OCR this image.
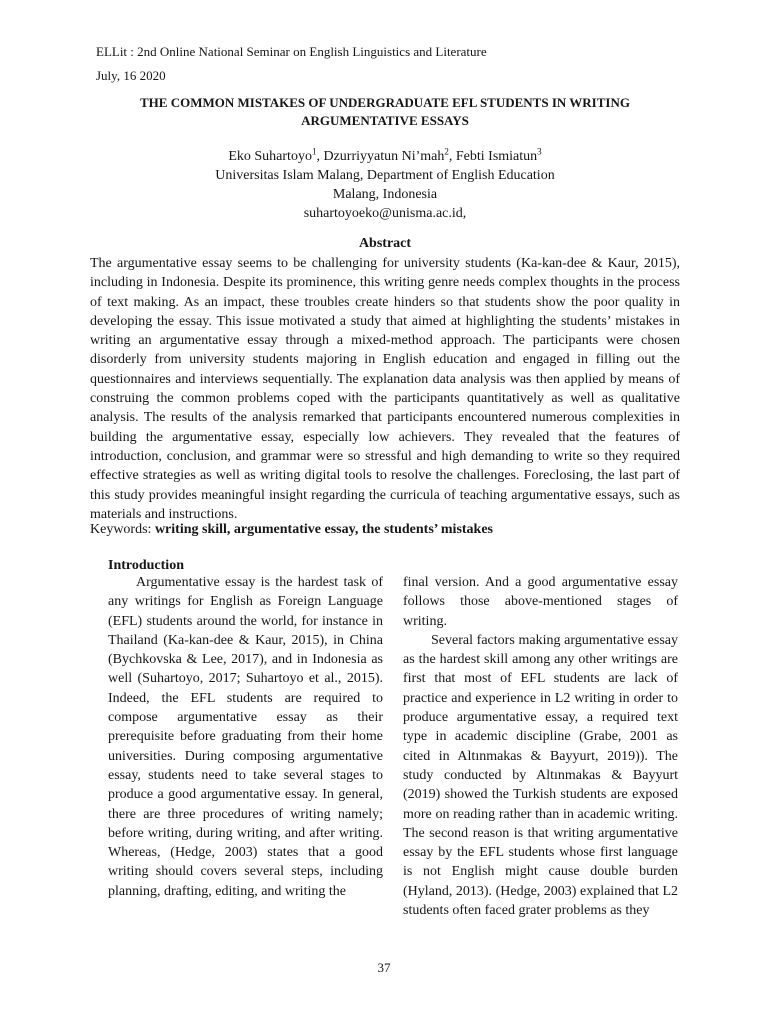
ELLit : 2nd Online National Seminar on English Linguistics and Literature
July, 16 2020
THE COMMON MISTAKES OF UNDERGRADUATE EFL STUDENTS IN WRITING
ARGUMENTATIVE ESSAYS
Eko Suhartoyo$^1$, Dzurriyyatun Ni’mah$^2$, Febti Ismiatun$^3$
Universitas Islam Malang, Department of English Education
Malang, Indonesia
suhartoyoeko@unisma.ac.id,
Abstract

The argumentative essay seems to be challenging for university students (Ka-kan-dee & Kaur, 2015), including in Indonesia. Despite its prominence, this writing genre needs complex thoughts in the process of text making. As an impact, these troubles create hinders so that students show the poor quality in developing the essay. This issue motivated a study that aimed at highlighting the students’ mistakes in writing an argumentative essay through a mixed-method approach. The participants were chosen disorderly from university students majoring in English education and engaged in filling out the questionnaires and interviews sequentially. The explanation data analysis was then applied by means of construing the common problems coped with the participants quantitatively as well as qualitative analysis. The results of the analysis remarked that participants encountered numerous complexities in building the argumentative essay, especially low achievers. They revealed that the features of introduction, conclusion, and grammar were so stressful and high demanding to write so they required effective strategies as well as writing digital tools to resolve the challenges. Foreclosing, the last part of this study provides meaningful insight regarding the curricula of teaching argumentative essays, such as materials and instructions.

Keywords: writing skill, argumentative essay, the students’ mistakes
Introduction

Argumentative essay is the hardest task of any writings for English as Foreign Language (EFL) students around the world, for instance in Thailand (Ka-kan-dee & Kaur, 2015), in China (Bychkovska & Lee, 2017), and in Indonesia as well (Suhartoyo, 2017; Suhartoyo et al., 2015). Indeed, the EFL students are required to compose argumentative essay as their prerequisite before graduating from their home universities. During composing argumentative essay, students need to take several stages to produce a good argumentative essay. In general, there are three procedures of writing namely; before writing, during writing, and after writing. Whereas, (Hedge, 2003) states that a good writing should covers several steps, including planning, drafting, editing, and writing the

final version. And a good argumentative essay follows those above-mentioned stages of writing.

Several factors making argumentative essay as the hardest skill among any other writings are first that most of EFL students are lack of practice and experience in L2 writing in order to produce argumentative essay, a required text type in academic discipline (Grabe, 2001 as cited in Altınmakas & Bayyurt, 2019)). The study conducted by Altınmakas & Bayyurt (2019) showed the Turkish students are exposed more on reading rather than in academic writing. The second reason is that writing argumentative essay by the EFL students whose first language is not English might cause double burden (Hyland, 2013). (Hedge, 2003) explained that L2 students often faced grater problems as they

37
